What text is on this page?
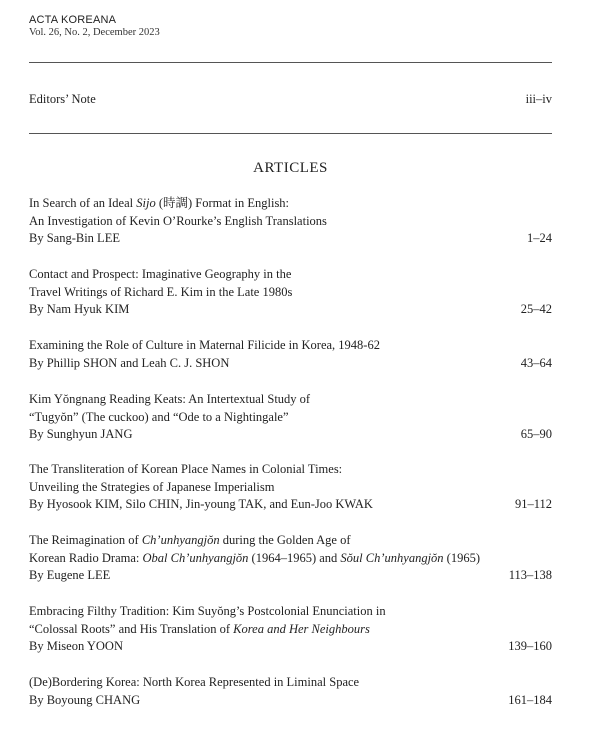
ACTA KOREANA
Vol. 26, No. 2, December 2023
Editors’ Note	iii–iv
ARTICLES
In Search of an Ideal Sijo (時調) Format in English:
An Investigation of Kevin O’Rourke’s English Translations
By Sang-Bin LEE	1–24
Contact and Prospect: Imaginative Geography in the
Travel Writings of Richard E. Kim in the Late 1980s
By Nam Hyuk KIM	25–42
Examining the Role of Culture in Maternal Filicide in Korea, 1948-62
By Phillip SHON and Leah C. J. SHON	43–64
Kim Yŏngnang Reading Keats: An Intertextual Study of
“Tugyŏn” (The cuckoo) and “Ode to a Nightingale”
By Sunghyun JANG	65–90
The Transliteration of Korean Place Names in Colonial Times:
Unveiling the Strategies of Japanese Imperialism
By Hyosook KIM, Silo CHIN, Jin-young TAK, and Eun-Joo KWAK	91–112
The Reimagination of Ch’unhyangjŏn during the Golden Age of
Korean Radio Drama: Obal Ch’unhyangjŏn (1964–1965) and Sŏul Ch’unhyangjŏn (1965)
By Eugene LEE	113–138
Embracing Filthy Tradition: Kim Suyŏng’s Postcolonial Enunciation in
“Colossal Roots” and His Translation of Korea and Her Neighbours
By Miseon YOON	139–160
(De)Bordering Korea: North Korea Represented in Liminal Space
By Boyoung CHANG	161–184
